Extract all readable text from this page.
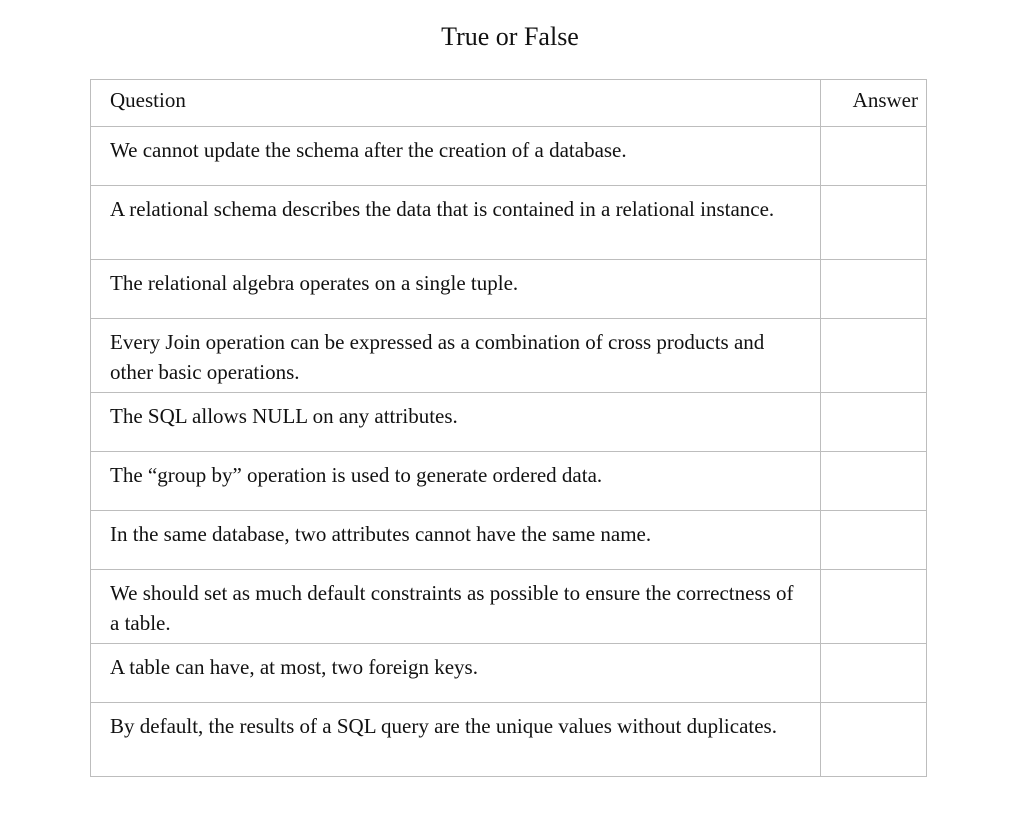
True or False
Question	Answer
We cannot update the schema after the creation of a database.	
A relational schema describes the data that is contained in a relational instance.	
The relational algebra operates on a single tuple.	
Every Join operation can be expressed as a combination of cross products and other basic operations.	
The SQL allows NULL on any attributes.	
The “group by” operation is used to generate ordered data.	
In the same database, two attributes cannot have the same name.	
We should set as much default constraints as possible to ensure the correctness of a table.	
A table can have, at most, two foreign keys.	
By default, the results of a SQL query are the unique values without duplicates.	
